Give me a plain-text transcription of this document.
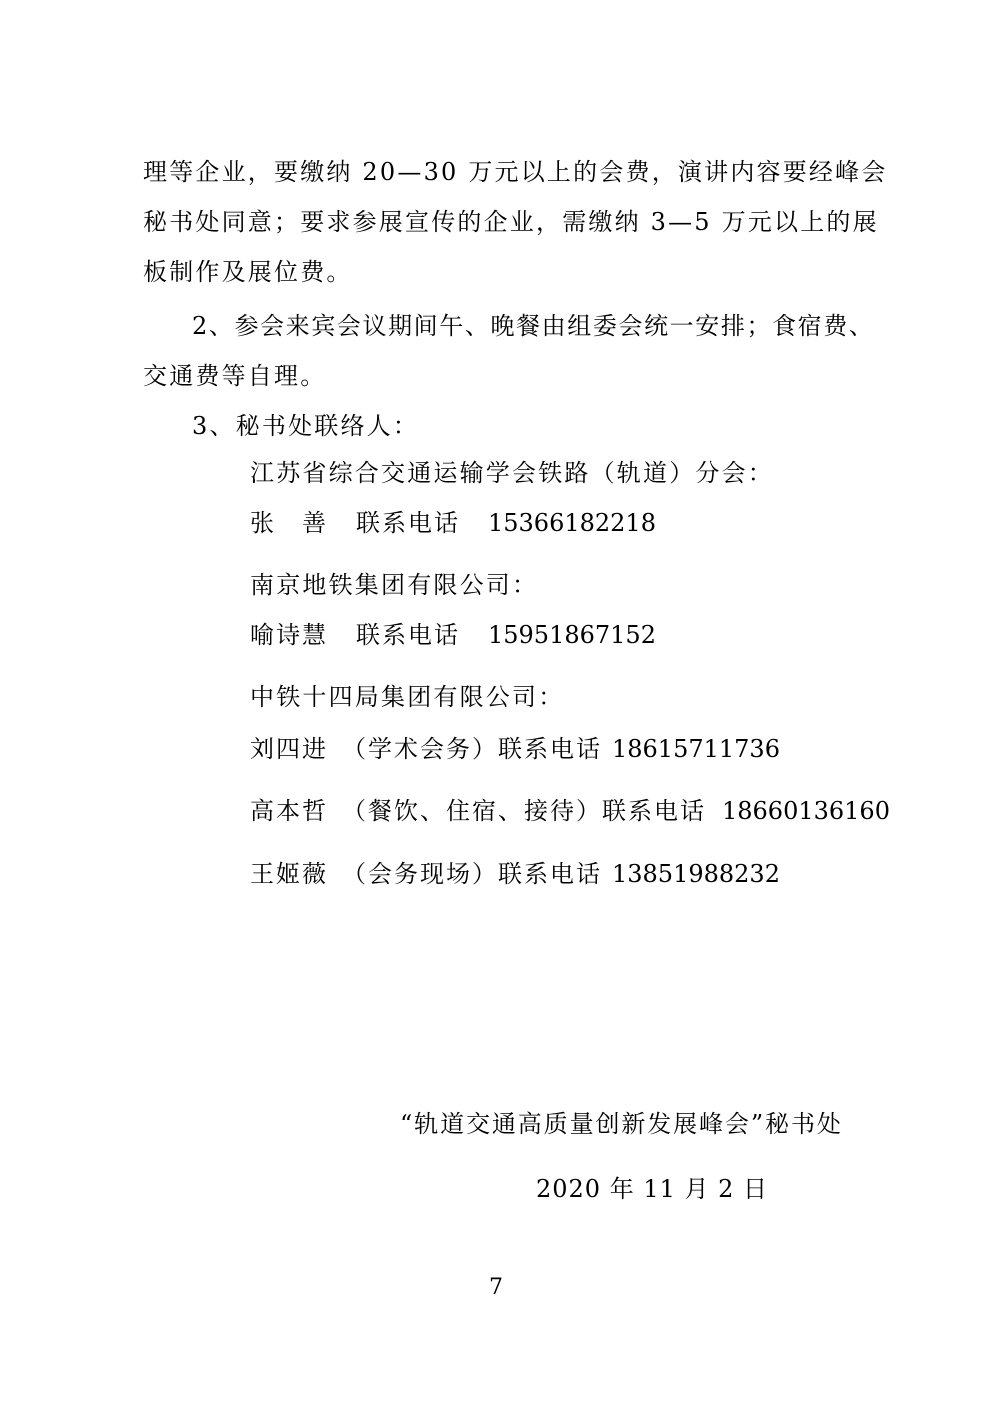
理等企业，要缴纳 20—30 万元以上的会费，演讲内容要经峰会
秘书处同意；要求参展宣传的企业，需缴纳 3—5 万元以上的展
板制作及展位费。
2、参会来宾会议期间午、晚餐由组委会统一安排；食宿费、
交通费等自理。
3、秘书处联络人：
江苏省综合交通运输学会铁路（轨道）分会：
张　善 联系电话 15366182218
南京地铁集团有限公司：
喻诗慧 联系电话 15951867152
中铁十四局集团有限公司：
刘四进 （学术会务）联系电话 18615711736
高本哲 （餐饮、住宿、接待）联系电话 18660136160
王姬薇 （会务现场）联系电话 13851988232
“轨道交通高质量创新发展峰会”秘书处
2020 年 11 月 2 日
7
